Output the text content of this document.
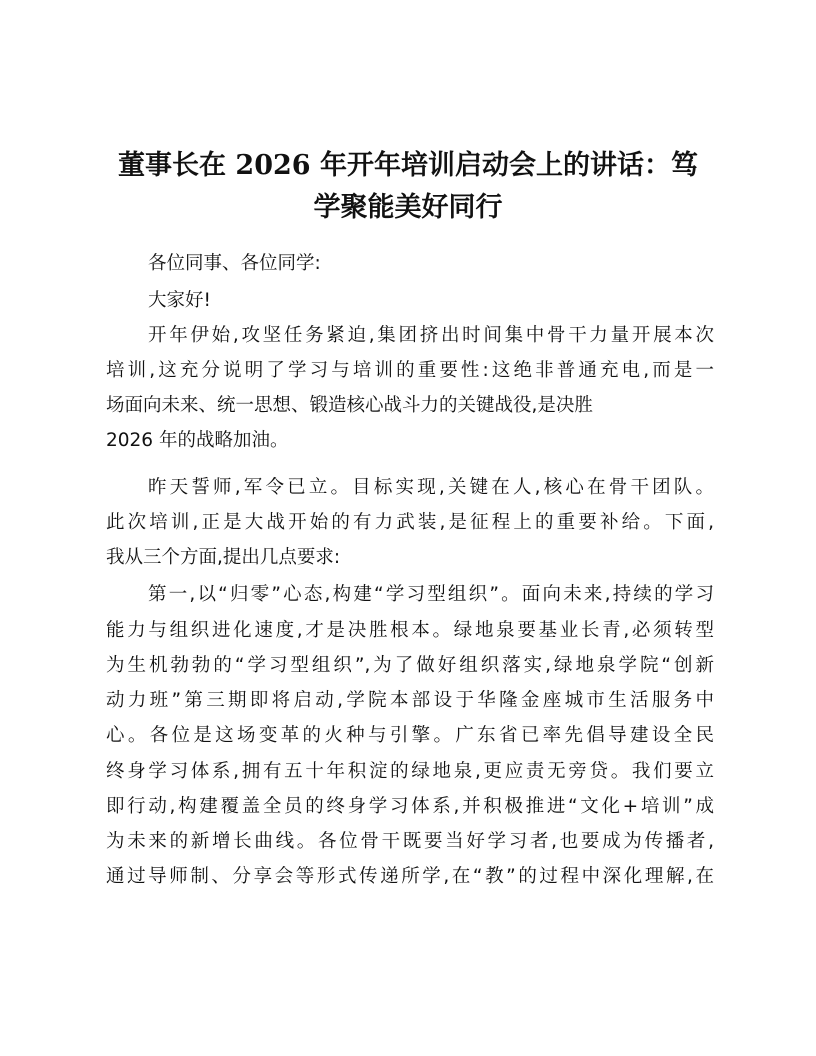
董事长在 2026 年开年培训启动会上的讲话：笃
学聚能美好同行

各位同事、各位同学:

大家好!

开年伊始,攻坚任务紧迫,集团挤出时间集中骨干力量开展本次

培训,这充分说明了学习与培训的重要性:这绝非普通充电,而是一

场面向未来、统一思想、锻造核心战斗力的关键战役,是决胜

2026 年的战略加油。

昨天誓师,军令已立。目标实现,关键在人,核心在骨干团队。

此次培训,正是大战开始的有力武装,是征程上的重要补给。下面,

我从三个方面,提出几点要求:

第一,以“归零”心态,构建“学习型组织”。面向未来,持续的学习

能力与组织进化速度,才是决胜根本。绿地泉要基业长青,必须转型

为生机勃勃的“学习型组织”,为了做好组织落实,绿地泉学院“创新

动力班”第三期即将启动,学院本部设于华隆金座城市生活服务中

心。各位是这场变革的火种与引擎。广东省已率先倡导建设全民

终身学习体系,拥有五十年积淀的绿地泉,更应责无旁贷。我们要立

即行动,构建覆盖全员的终身学习体系,并积极推进“文化+培训”成

为未来的新增长曲线。各位骨干既要当好学习者,也要成为传播者,

通过导师制、分享会等形式传递所学,在“教”的过程中深化理解,在
